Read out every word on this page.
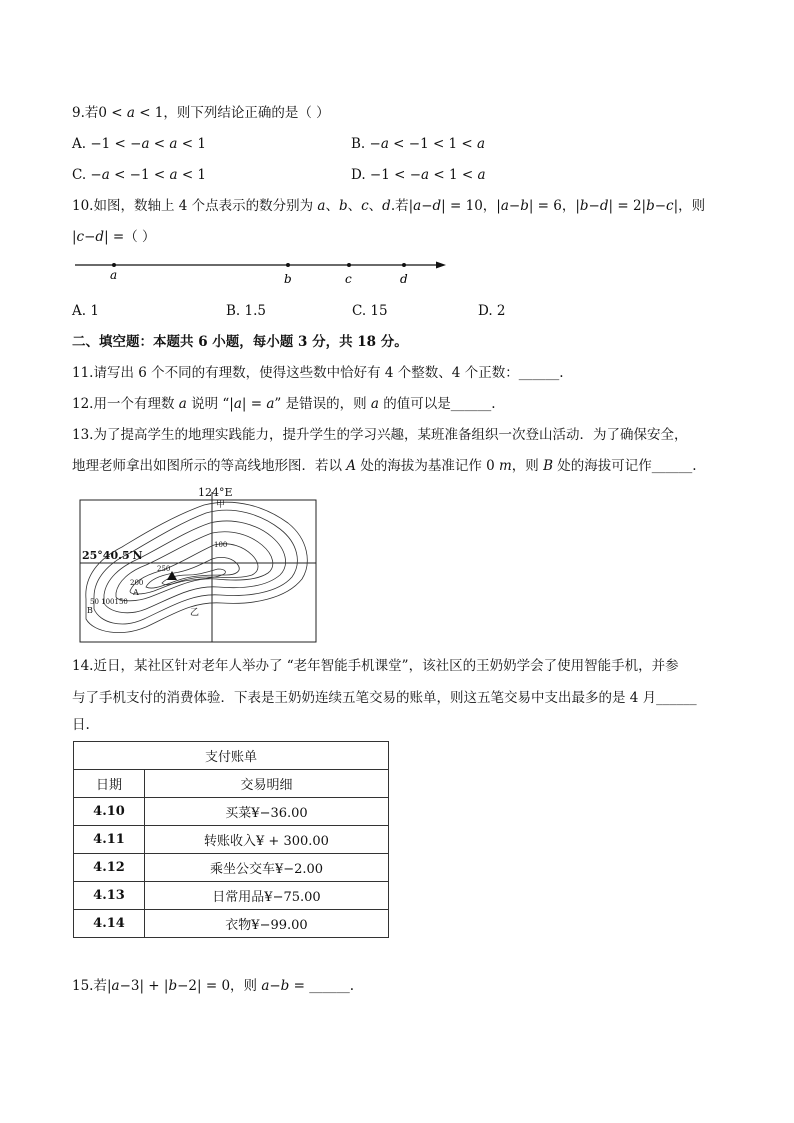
9.若0 < 𝑎 < 1，则下列结论正确的是（ ）
A. −1 < −𝑎 < 𝑎 < 1	B. −𝑎 < −1 < 1 < 𝑎
C. −𝑎 < −1 < 𝑎 < 1	D. −1 < −𝑎 < 1 < 𝑎
10.如图，数轴上 4 个点表示的数分别为 𝑎、𝑏、𝑐、𝑑.若|𝑎−𝑑| = 10，|𝑎−𝑏| = 6，|𝑏−𝑑| = 2|𝑏−𝑐|，则
|𝑐−𝑑| =（ ）
𝑎	𝑏	𝑐	𝑑
A. 1	B. 1.5	C. 15	D. 2
二、填空题：本题共 6 小题，每小题 3 分，共 18 分。
11.请写出 6 个不同的有理数，使得这些数中恰好有 4 个整数、4 个正数：______.
12.用一个有理数 𝑎 说明 “|𝑎| = 𝑎” 是错误的，则 𝑎 的值可以是______.
13.为了提高学生的地理实践能力，提升学生的学习兴趣，某班准备组织一次登山活动．为了确保安全，
地理老师拿出如图所示的等高线地形图．若以 𝐴 处的海拔为基准记作 0 𝑚，则 𝐵 处的海拔可记作______.
124°E
甲
25°40.5′N
100
250
200
A
50 100150
B	乙
14.近日，某社区针对老年人举办了 “老年智能手机课堂”，该社区的王奶奶学会了使用智能手机，并参
与了手机支付的消费体验．下表是王奶奶连续五笔交易的账单，则这五笔交易中支出最多的是 4 月______
日.
支付账单	
日期	交易明细
4.10	买菜¥−36.00
4.11	转账收入¥ + 300.00
4.12	乘坐公交车¥−2.00
4.13	日常用品¥−75.00
4.14	衣物¥−99.00
15.若|𝑎−3| + |𝑏−2| = 0，则 𝑎−𝑏 = ______.
